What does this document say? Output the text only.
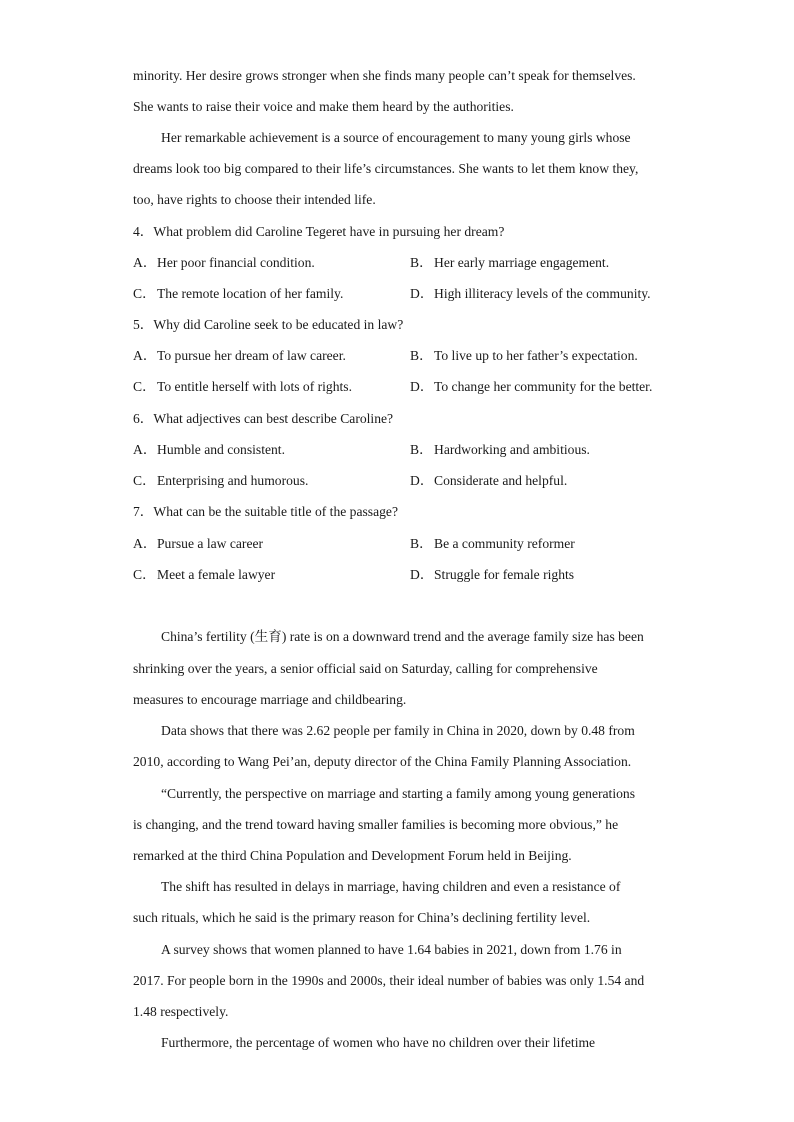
minority. Her desire grows stronger when she finds many people can’t speak for themselves.
She wants to raise their voice and make them heard by the authorities.
Her remarkable achievement is a source of encouragement to many young girls whose
dreams look too big compared to their life’s circumstances. She wants to let them know they,
too, have rights to choose their intended life.
4．What problem did Caroline Tegeret have in pursuing her dream?
A．Her poor financial condition.	B．Her early marriage engagement.
C．The remote location of her family.	D．High illiteracy levels of the community.
5．Why did Caroline seek to be educated in law?
A．To pursue her dream of law career.	B．To live up to her father’s expectation.
C．To entitle herself with lots of rights.	D．To change her community for the better.
6．What adjectives can best describe Caroline?
A．Humble and consistent.	B．Hardworking and ambitious.
C．Enterprising and humorous.	D．Considerate and helpful.
7．What can be the suitable title of the passage?
A．Pursue a law career	B．Be a community reformer
C．Meet a female lawyer	D．Struggle for female rights
China’s fertility (生育) rate is on a downward trend and the average family size has been
shrinking over the years, a senior official said on Saturday, calling for comprehensive
measures to encourage marriage and childbearing.
Data shows that there was 2.62 people per family in China in 2020, down by 0.48 from
2010, according to Wang Pei’an, deputy director of the China Family Planning Association.
“Currently, the perspective on marriage and starting a family among young generations
is changing, and the trend toward having smaller families is becoming more obvious,” he
remarked at the third China Population and Development Forum held in Beijing.
The shift has resulted in delays in marriage, having children and even a resistance of
such rituals, which he said is the primary reason for China’s declining fertility level.
A survey shows that women planned to have 1.64 babies in 2021, down from 1.76 in
2017. For people born in the 1990s and 2000s, their ideal number of babies was only 1.54 and
1.48 respectively.
Furthermore, the percentage of women who have no children over their lifetime
